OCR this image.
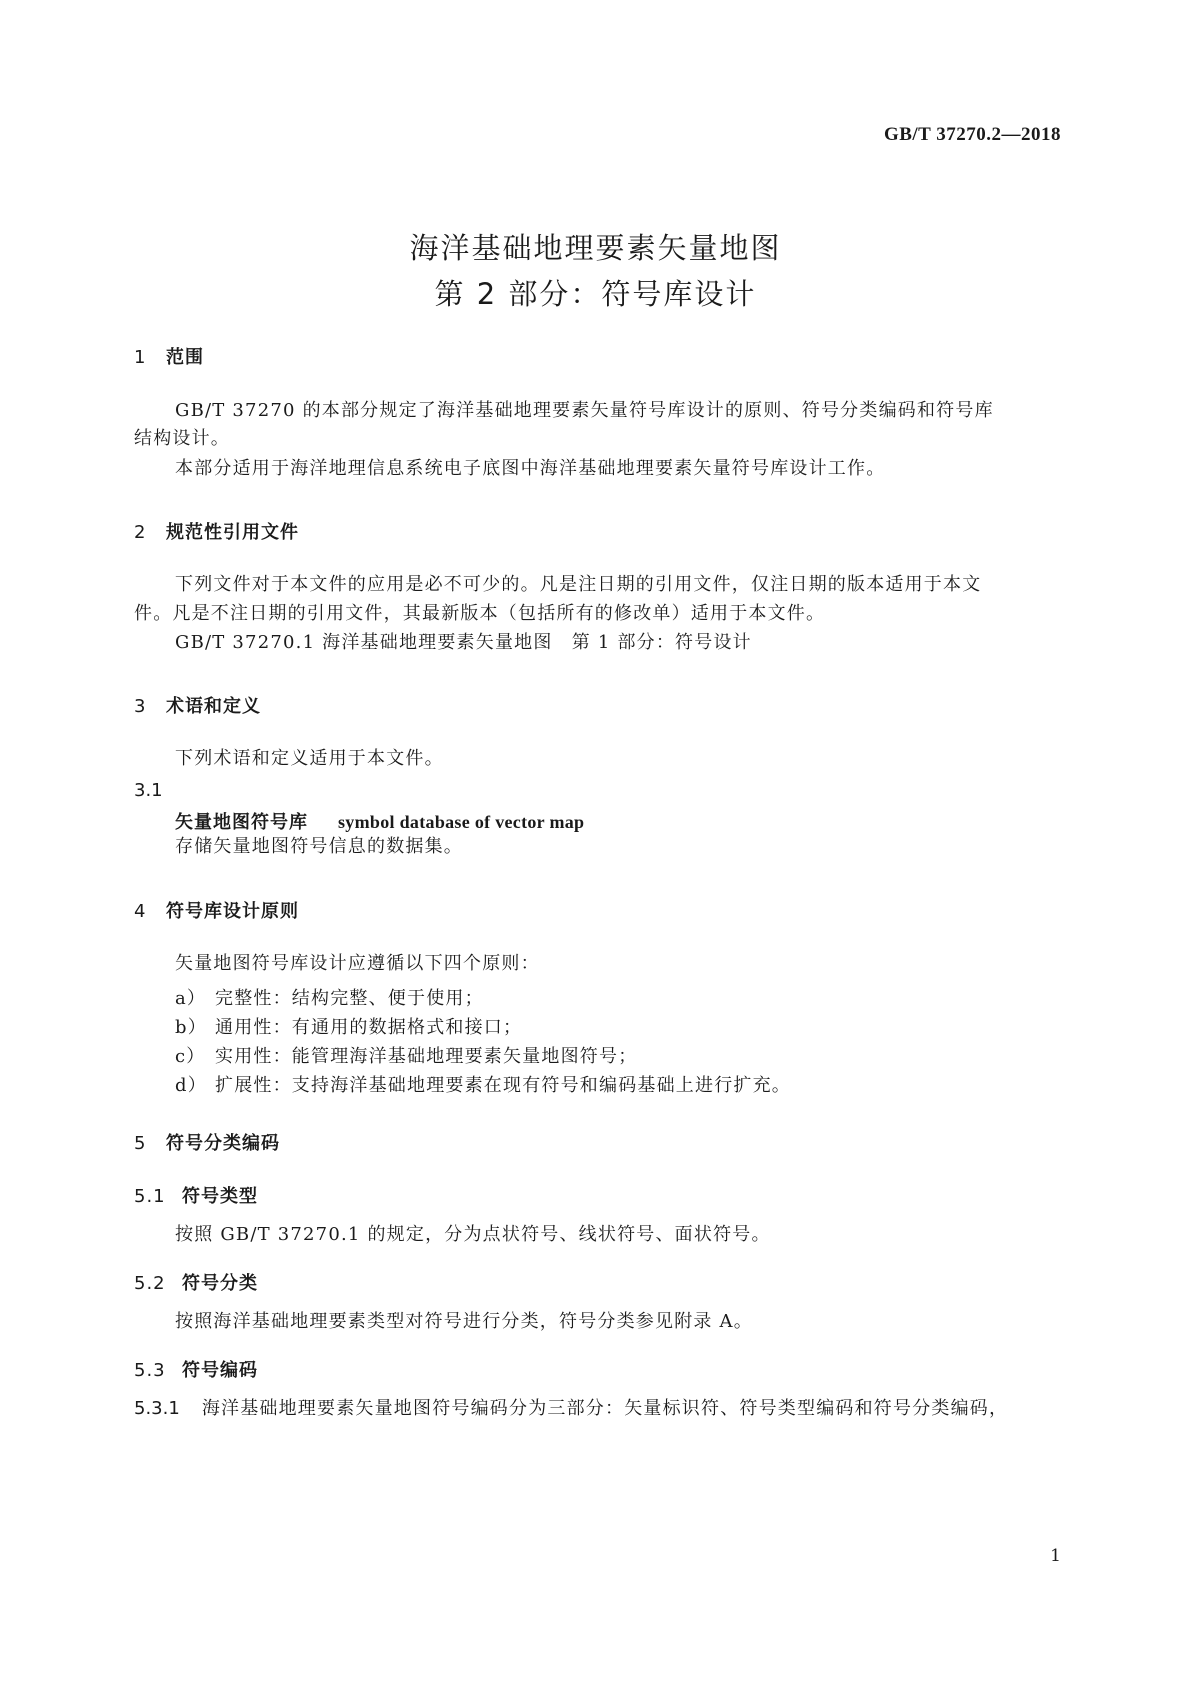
GB/T 37270.2—2018
海洋基础地理要素矢量地图
第 2 部分：符号库设计
1 范围
GB/T 37270 的本部分规定了海洋基础地理要素矢量符号库设计的原则、符号分类编码和符号库
结构设计。
本部分适用于海洋地理信息系统电子底图中海洋基础地理要素矢量符号库设计工作。
2 规范性引用文件
下列文件对于本文件的应用是必不可少的。凡是注日期的引用文件，仅注日期的版本适用于本文
件。凡是不注日期的引用文件，其最新版本（包括所有的修改单）适用于本文件。
GB/T 37270.1 海洋基础地理要素矢量地图　第 1 部分：符号设计
3 术语和定义
下列术语和定义适用于本文件。
3.1
矢量地图符号库 symbol database of vector map
存储矢量地图符号信息的数据集。
4 符号库设计原则
矢量地图符号库设计应遵循以下四个原则：
a） 完整性：结构完整、便于使用；
b） 通用性：有通用的数据格式和接口；
c） 实用性：能管理海洋基础地理要素矢量地图符号；
d） 扩展性：支持海洋基础地理要素在现有符号和编码基础上进行扩充。
5 符号分类编码
5.1 符号类型
按照 GB/T 37270.1 的规定，分为点状符号、线状符号、面状符号。
5.2 符号分类
按照海洋基础地理要素类型对符号进行分类，符号分类参见附录 A。
5.3 符号编码
5.3.1 海洋基础地理要素矢量地图符号编码分为三部分：矢量标识符、符号类型编码和符号分类编码，
1
